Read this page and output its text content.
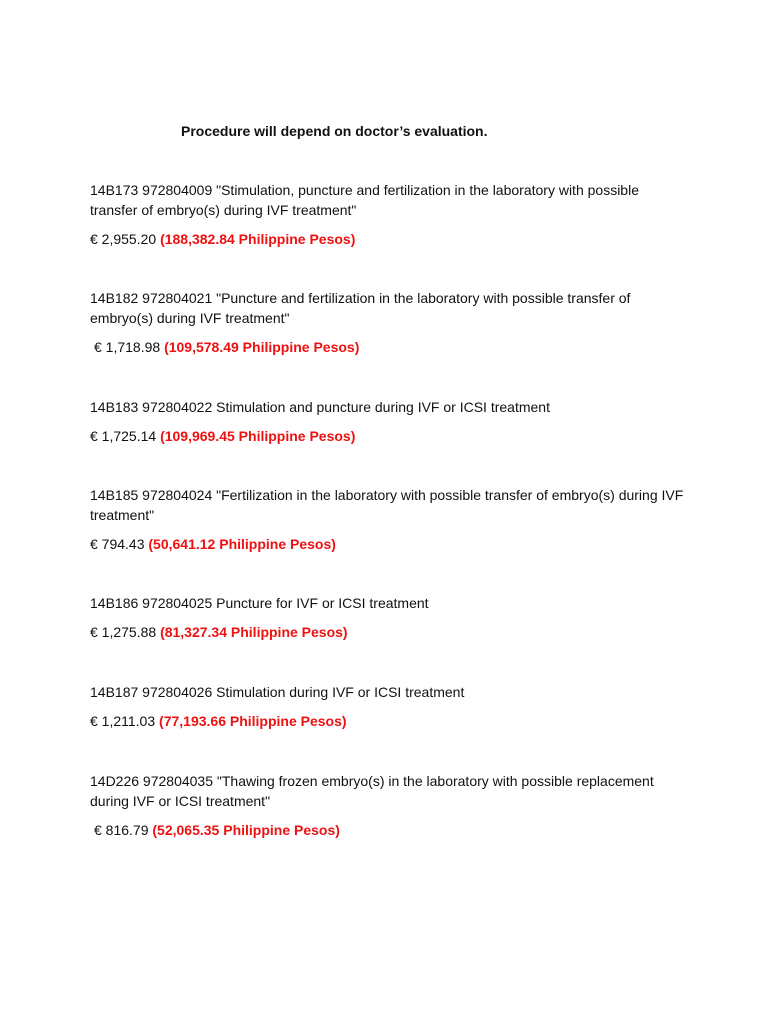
Procedure will depend on doctor’s evaluation.

14B173 972804009 "Stimulation, puncture and fertilization in the laboratory with possible transfer of embryo(s) during IVF treatment"

€ 2,955.20 (188,382.84 Philippine Pesos)

14B182 972804021 "Puncture and fertilization in the laboratory with possible transfer of embryo(s) during IVF treatment"

€ 1,718.98 (109,578.49 Philippine Pesos)

14B183 972804022 Stimulation and puncture during IVF or ICSI treatment

€ 1,725.14 (109,969.45 Philippine Pesos)

14B185 972804024 "Fertilization in the laboratory with possible transfer of embryo(s) during IVF treatment"

€ 794.43 (50,641.12 Philippine Pesos)

14B186 972804025 Puncture for IVF or ICSI treatment

€ 1,275.88 (81,327.34 Philippine Pesos)

14B187 972804026 Stimulation during IVF or ICSI treatment

€ 1,211.03 (77,193.66 Philippine Pesos)

14D226 972804035 "Thawing frozen embryo(s) in the laboratory with possible replacement during IVF or ICSI treatment"

€ 816.79 (52,065.35 Philippine Pesos)
